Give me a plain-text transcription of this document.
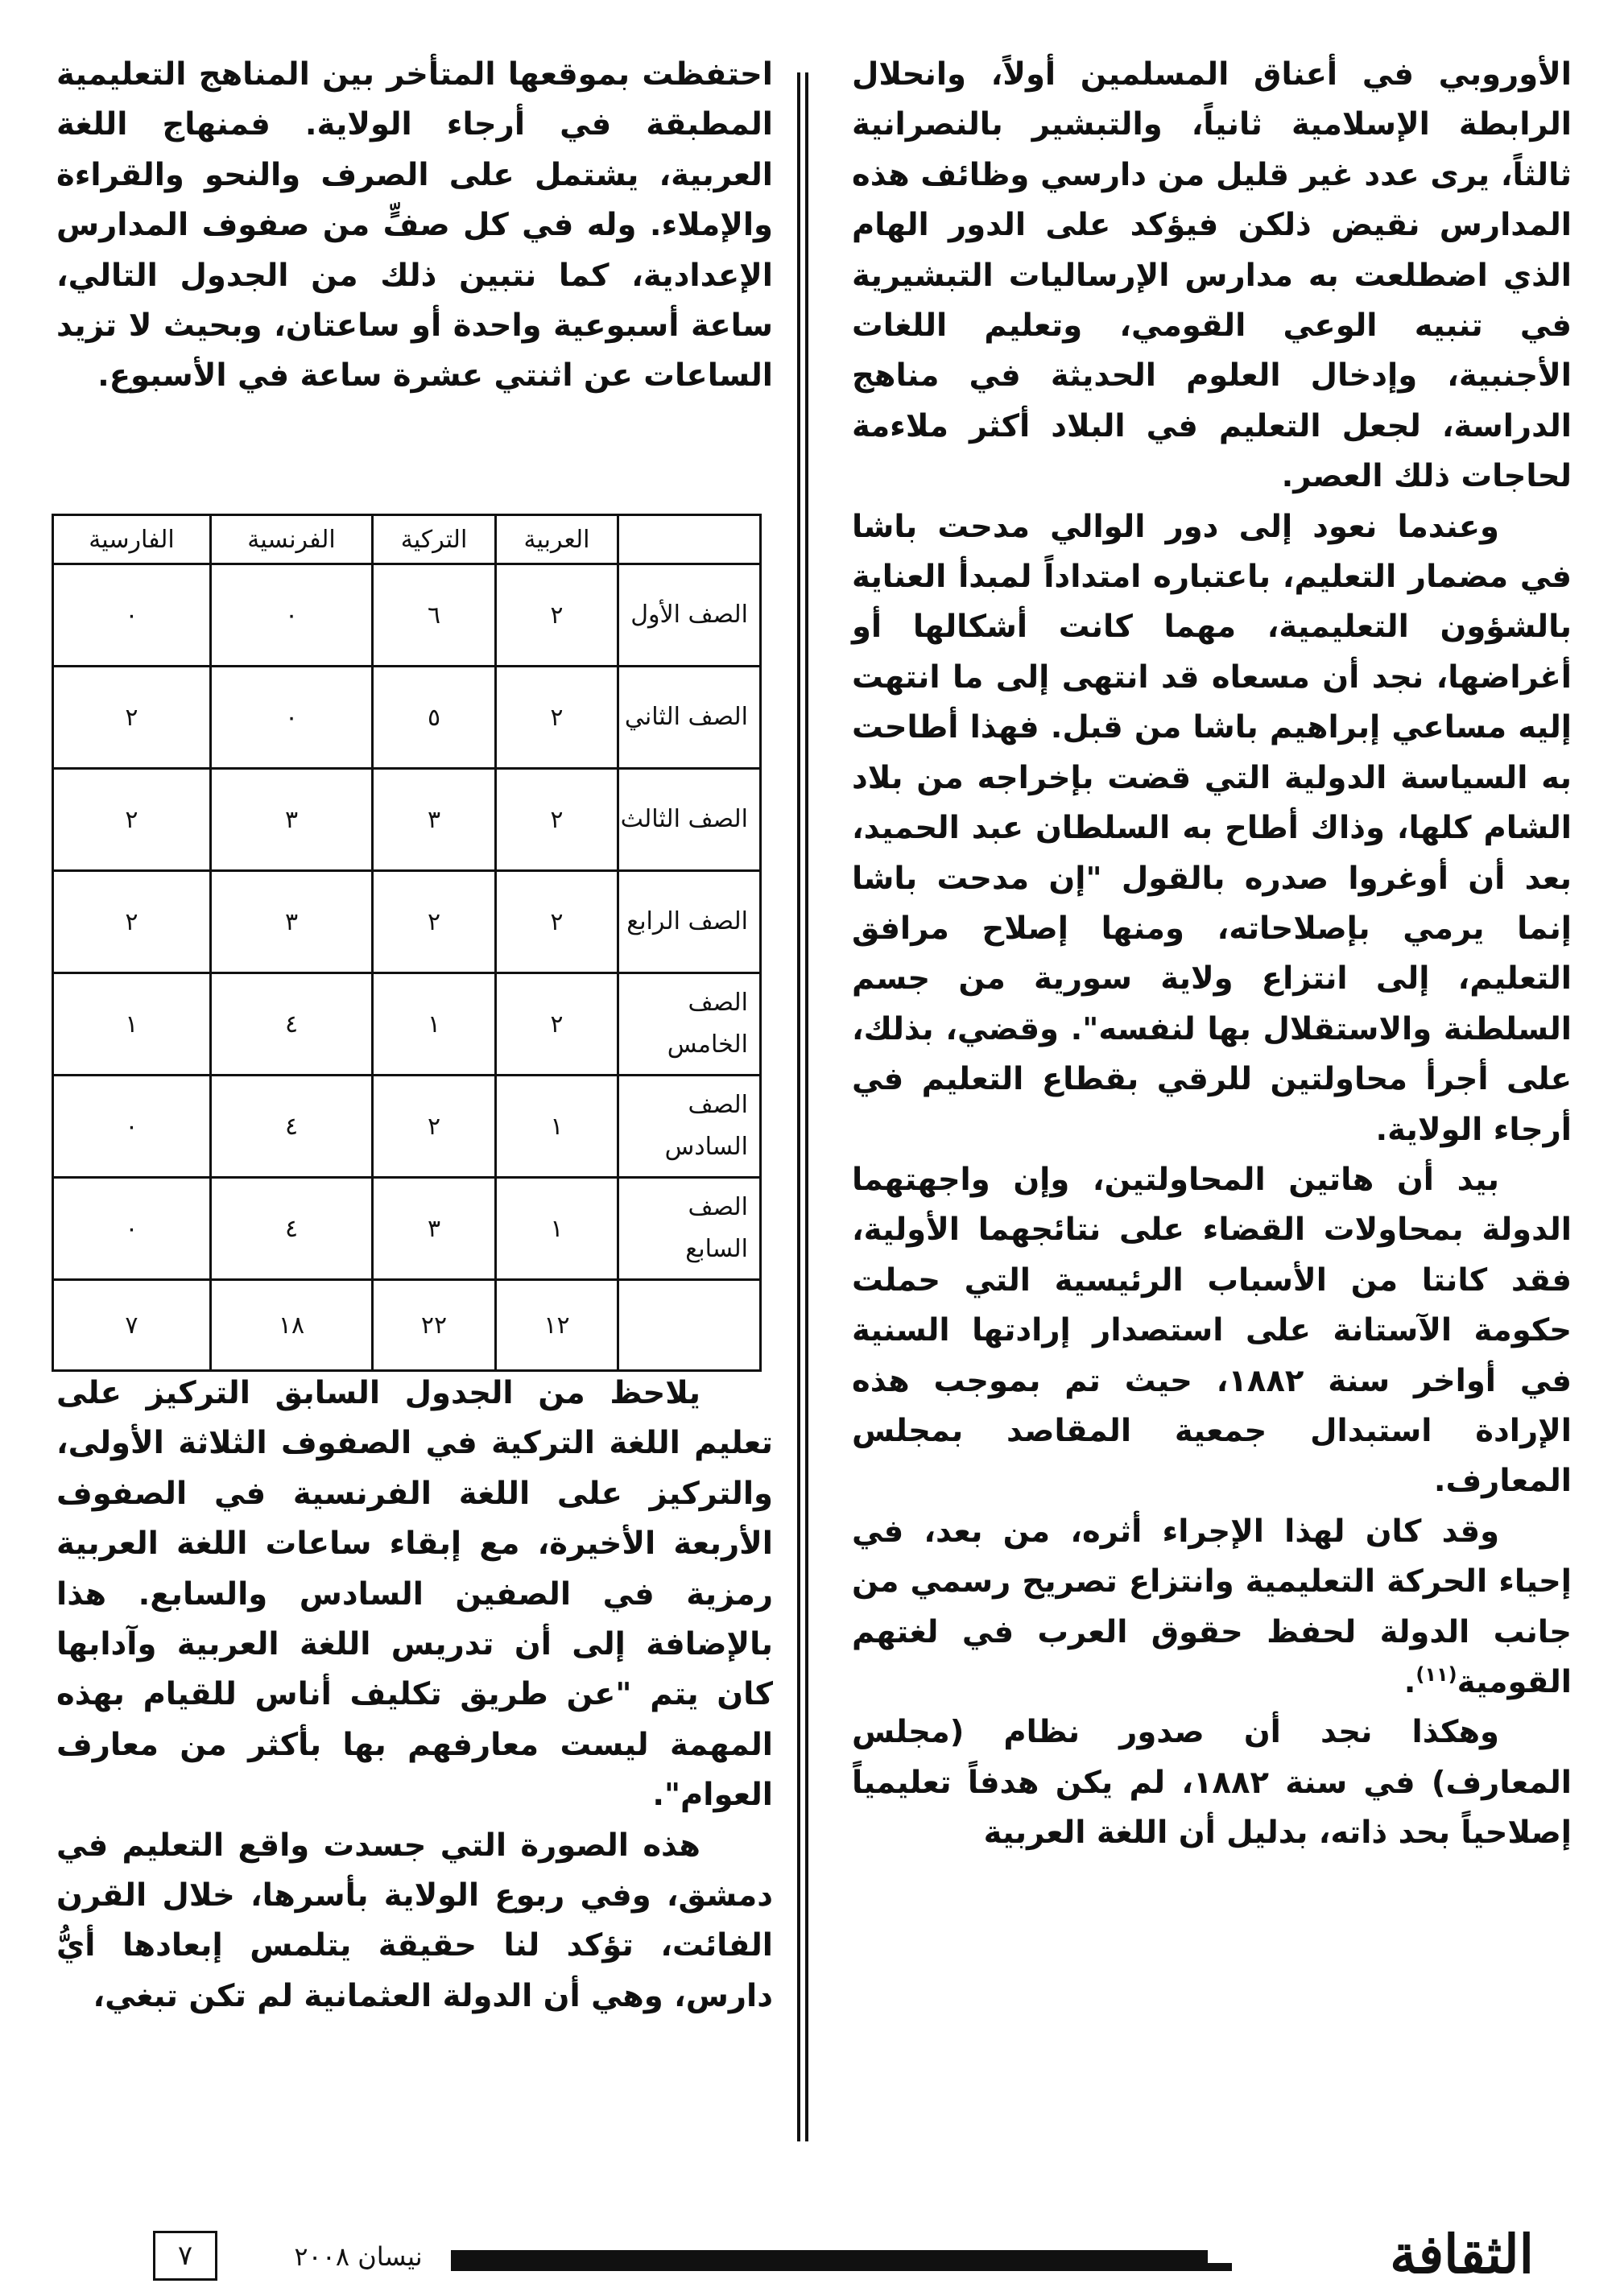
الأوروبي في أعناق المسلمين أولاً، وانحلال الرابطة الإسلامية ثانياً، والتبشير بالنصرانية ثالثاً، يرى عدد غير قليل من دارسي وظائف هذه المدارس نقيض ذلكن فيؤكد على الدور الهام الذي اضطلعت به مدارس الإرساليات التبشيرية في تنبيه الوعي القومي، وتعليم اللغات الأجنبية، وإدخال العلوم الحديثة في مناهج الدراسة، لجعل التعليم في البلاد أكثر ملاءمة لحاجات ذلك العصر.

وعندما نعود إلى دور الوالي مدحت باشا في مضمار التعليم، باعتباره امتداداً لمبدأ العناية بالشؤون التعليمية، مهما كانت أشكالها أو أغراضها، نجد أن مسعاه قد انتهى إلى ما انتهت إليه مساعي إبراهيم باشا من قبل. فهذا أطاحت به السياسة الدولية التي قضت بإخراجه من بلاد الشام كلها، وذاك أطاح به السلطان عبد الحميد، بعد أن أوغروا صدره بالقول "إن مدحت باشا إنما يرمي بإصلاحاته، ومنها إصلاح مرافق التعليم، إلى انتزاع ولاية سورية من جسم السلطنة والاستقلال بها لنفسه". وقضي، بذلك، على أجرأ محاولتين للرقي بقطاع التعليم في أرجاء الولاية.

بيد أن هاتين المحاولتين، وإن واجهتهما الدولة بمحاولات القضاء على نتائجهما الأولية، فقد كانتا من الأسباب الرئيسية التي حملت حكومة الآستانة على استصدار إرادتها السنية في أواخر سنة ١٨٨٢، حيث تم بموجب هذه الإرادة استبدال جمعية المقاصد بمجلس المعارف.

وقد كان لهذا الإجراء أثره، من بعد، في إحياء الحركة التعليمية وانتزاع تصريح رسمي من جانب الدولة لحفظ حقوق العرب في لغتهم القومية$^{(١١)}$.

وهكذا نجد أن صدور نظام (مجلس المعارف) في سنة ١٨٨٢، لم يكن هدفاً تعليمياً إصلاحياً بحد ذاته، بدليل أن اللغة العربية

احتفظت بموقعها المتأخر بين المناهج التعليمية المطبقة في أرجاء الولاية. فمنهاج اللغة العربية، يشتمل على الصرف والنحو والقراءة والإملاء. وله في كل صفٍّ من صفوف المدارس الإعدادية، كما نتبين ذلك من الجدول التالي، ساعة أسبوعية واحدة أو ساعتان، وبحيث لا تزيد الساعات عن اثنتي عشرة ساعة في الأسبوع.

	العربية	التركية	الفرنسية	الفارسية
الصف الأول	٢	٦	٠	٠
الصف الثاني	٢	٥	٠	٢
الصف الثالث	٢	٣	٣	٢
الصف الرابع	٢	٢	٣	٢
الصف الخامس	٢	١	٤	١
الصف السادس	١	٢	٤	٠
الصف السابع	١	٣	٤	٠
	١٢	٢٢	١٨	٧

يلاحظ من الجدول السابق التركيز على تعليم اللغة التركية في الصفوف الثلاثة الأولى، والتركيز على اللغة الفرنسية في الصفوف الأربعة الأخيرة، مع إبقاء ساعات اللغة العربية رمزية في الصفين السادس والسابع. هذا بالإضافة إلى أن تدريس اللغة العربية وآدابها كان يتم "عن طريق تكليف أناس للقيام بهذه المهمة ليست معارفهم بها بأكثر من معارف العوام".

هذه الصورة التي جسدت واقع التعليم في دمشق، وفي ربوع الولاية بأسرها، خلال القرن الفائت، تؤكد لنا حقيقة يتلمس إبعادها أيُّ دارس، وهي أن الدولة العثمانية لم تكن تبغي،

الثقافة
نيسان ٢٠٠٨
٧
